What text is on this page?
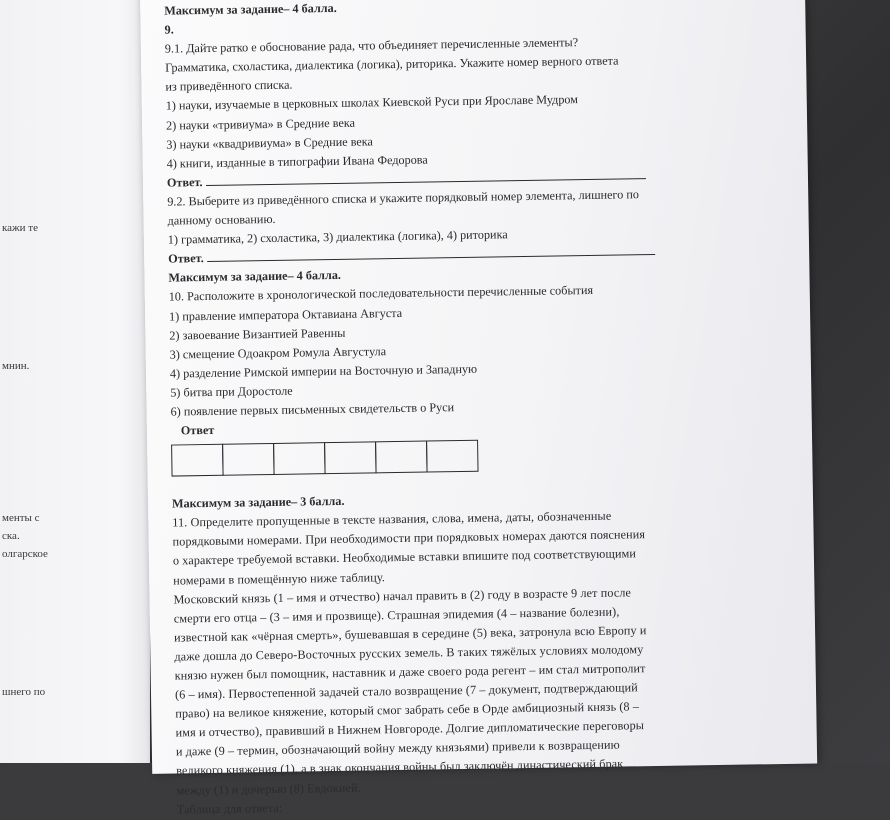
кажи те
мнин.
менты с
ска.
олгарское
шнего по
Максимум за задание– 4 балла.
9.
9.1. Дайте ратко е обоснование рада, что объединяет перечисленные элементы?
Грамматика, схоластика, диалектика (логика), риторика. Укажите номер верного ответа
из приведённого списка.
1) науки, изучаемые в церковных школах Киевской Руси при Ярославе Мудром
2) науки «тривиума» в Средние века
3) науки «квадривиума» в Средние века
4) книги, изданные в типографии Ивана Федорова
Ответ.
9.2. Выберите из приведённого списка и укажите порядковый номер элемента, лишнего по
данному основанию.
1) грамматика, 2) схоластика, 3) диалектика (логика), 4) риторика
Ответ.
Максимум за задание– 4 балла.
10. Расположите в хронологической последовательности перечисленные события
1) правление императора Октавиана Августа
2) завоевание Византией Равенны
3) смещение Одоакром Ромула Августула
4) разделение Римской империи на Восточную и Западную
5) битва при Доростоле
6) появление первых письменных свидетельств о Руси
Ответ
Максимум за задание– 3 балла.
11. Определите пропущенные в тексте названия, слова, имена, даты, обозначенные
порядковыми номерами. При необходимости при порядковых номерах даются пояснения
о характере требуемой вставки. Необходимые вставки впишите под соответствующими
номерами в помещённую ниже таблицу.
Московский князь (1 – имя и отчество) начал править в (2) году в возрасте 9 лет после
смерти его отца – (3 – имя и прозвище). Страшная эпидемия (4 – название болезни),
известной как «чёрная смерть», бушевавшая в середине (5) века, затронула всю Европу и
даже дошла до Северо-Восточных русских земель. В таких тяжёлых условиях молодому
князю нужен был помощник, наставник и даже своего рода регент – им стал митрополит
(6 – имя). Первостепенной задачей стало возвращение (7 – документ, подтверждающий
право) на великое княжение, который смог забрать себе в Орде амбициозный князь (8 –
имя и отчество), правивший в Нижнем Новгороде. Долгие дипломатические переговоры
и даже (9 – термин, обозначающий войну между князьями) привели к возвращению
великого княжения (1), а в знак окончания войны был заключён династический брак
между (1) и дочерью (8) Евдокией.
Таблица для ответа:
